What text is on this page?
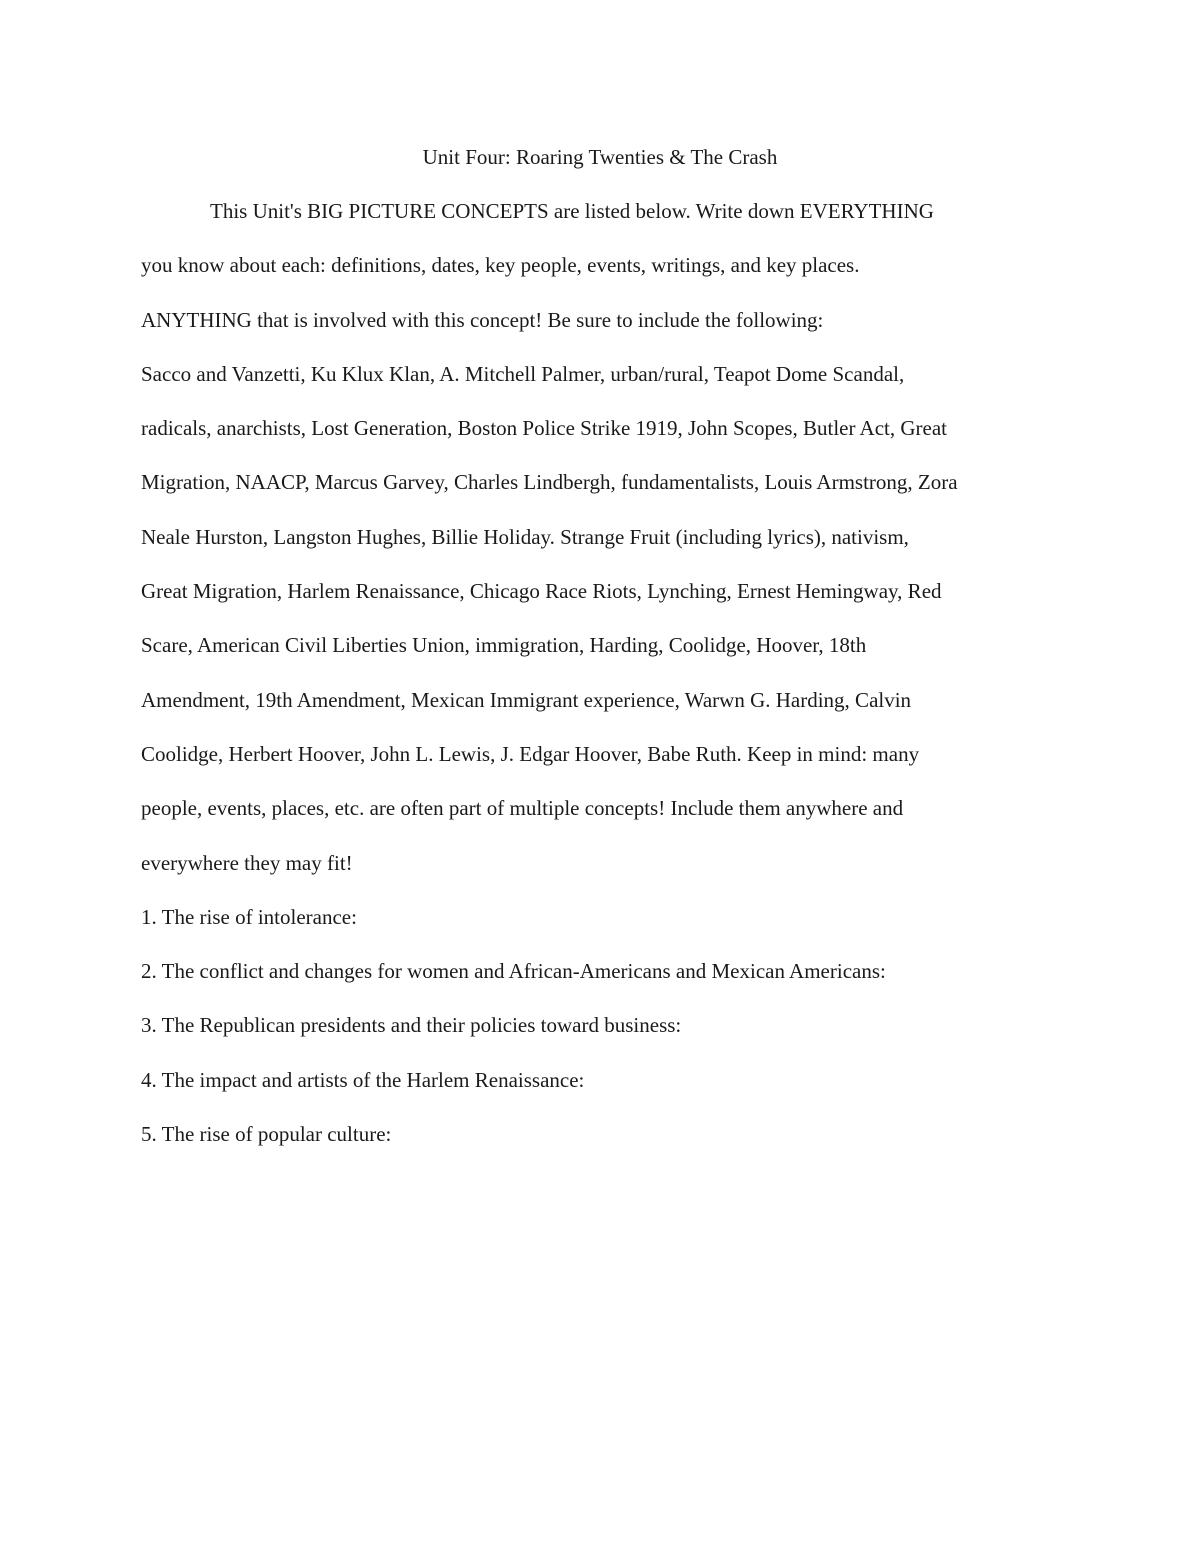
Unit Four: Roaring Twenties & The Crash
This Unit's BIG PICTURE CONCEPTS are listed below. Write down EVERYTHING
you know about each: definitions, dates, key people, events, writings, and key places.
ANYTHING that is involved with this concept! Be sure to include the following:
Sacco and Vanzetti, Ku Klux Klan, A. Mitchell Palmer, urban/rural, Teapot Dome Scandal,
radicals, anarchists, Lost Generation, Boston Police Strike 1919, John Scopes, Butler Act, Great
Migration, NAACP, Marcus Garvey, Charles Lindbergh, fundamentalists, Louis Armstrong, Zora
Neale Hurston, Langston Hughes, Billie Holiday. Strange Fruit (including lyrics), nativism,
Great Migration, Harlem Renaissance, Chicago Race Riots, Lynching, Ernest Hemingway, Red
Scare, American Civil Liberties Union, immigration, Harding, Coolidge, Hoover, 18th
Amendment, 19th Amendment, Mexican Immigrant experience, Warwn G. Harding, Calvin
Coolidge, Herbert Hoover, John L. Lewis, J. Edgar Hoover, Babe Ruth. Keep in mind: many
people, events, places, etc. are often part of multiple concepts! Include them anywhere and
everywhere they may fit!
1. The rise of intolerance:
2. The conflict and changes for women and African-Americans and Mexican Americans:
3. The Republican presidents and their policies toward business:
4. The impact and artists of the Harlem Renaissance:
5. The rise of popular culture:
